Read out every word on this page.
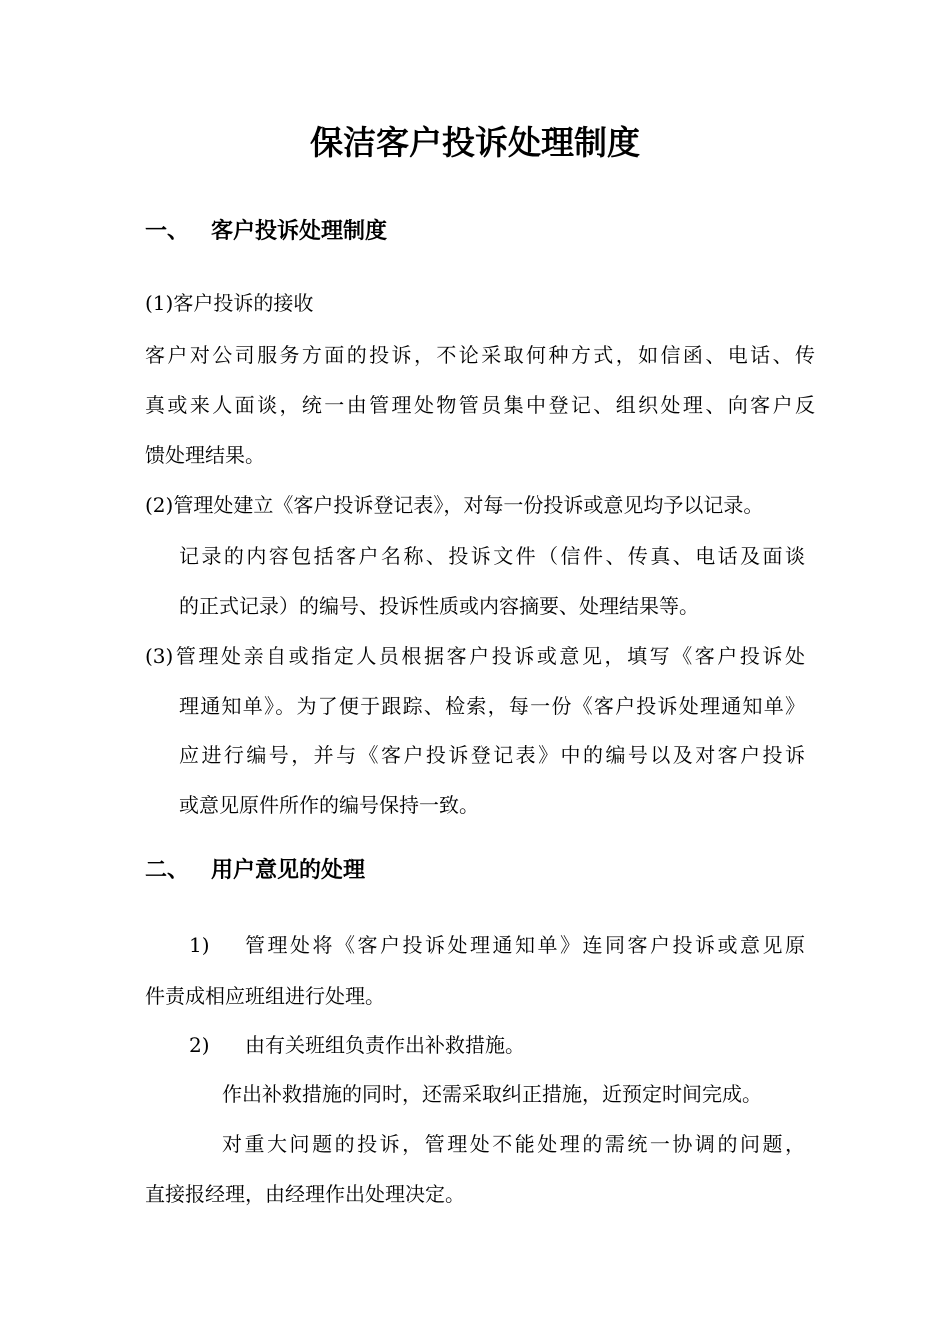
保洁客户投诉处理制度
一、 客户投诉处理制度
(1)客户投诉的接收
客户对公司服务方面的投诉，不论采取何种方式，如信函、电话、传
真或来人面谈，统一由管理处物管员集中登记、组织处理、向客户反
馈处理结果。
(2)管理处建立《客户投诉登记表》，对每一份投诉或意见均予以记录。
记录的内容包括客户名称、投诉文件（信件、传真、电话及面谈
的正式记录）的编号、投诉性质或内容摘要、处理结果等。
(3)管理处亲自或指定人员根据客户投诉或意见，填写《客户投诉处
理通知单》。为了便于跟踪、检索，每一份《客户投诉处理通知单》
应进行编号，并与《客户投诉登记表》中的编号以及对客户投诉
或意见原件所作的编号保持一致。
二、 用户意见的处理
1) 管理处将《客户投诉处理通知单》连同客户投诉或意见原
件责成相应班组进行处理。
2) 由有关班组负责作出补救措施。
作出补救措施的同时，还需采取纠正措施，近预定时间完成。
对重大问题的投诉，管理处不能处理的需统一协调的问题，
直接报经理，由经理作出处理决定。
